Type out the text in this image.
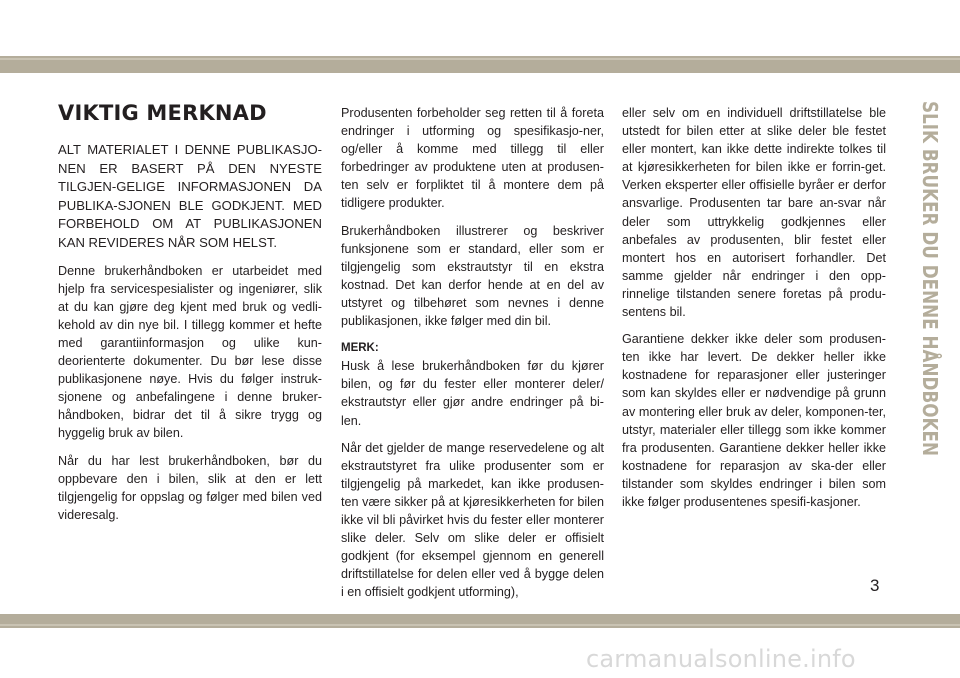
VIKTIG MERKNAD

ALT MATERIALET I DENNE PUBLIKASJO-NEN ER BASERT PÅ DEN NYESTE TILGJEN-GELIGE INFORMASJONEN DA PUBLIKA-SJONEN BLE GODKJENT. MED FORBEHOLD OM AT PUBLIKASJONEN KAN REVIDERES NÅR SOM HELST.

Denne brukerhåndboken er utarbeidet med hjelp fra servicespesialister og ingeniører, slik at du kan gjøre deg kjent med bruk og vedli-kehold av din nye bil. I tillegg kommer et hefte med garantiinformasjon og ulike kun-deorienterte dokumenter. Du bør lese disse publikasjonene nøye. Hvis du følger instruk-sjonene og anbefalingene i denne bruker-håndboken, bidrar det til å sikre trygg og hyggelig bruk av bilen.

Når du har lest brukerhåndboken, bør du oppbevare den i bilen, slik at den er lett tilgjengelig for oppslag og følger med bilen ved videresalg.

Produsenten forbeholder seg retten til å foreta endringer i utforming og spesifikasjo-ner, og/eller å komme med tillegg til eller forbedringer av produktene uten at produsen-ten selv er forpliktet til å montere dem på tidligere produkter.

Brukerhåndboken illustrerer og beskriver funksjonene som er standard, eller som er tilgjengelig som ekstrautstyr til en ekstra kostnad. Det kan derfor hende at en del av utstyret og tilbehøret som nevnes i denne publikasjonen, ikke følger med din bil.

MERK:
Husk å lese brukerhåndboken før du kjører bilen, og før du fester eller monterer deler/ ekstrautstyr eller gjør andre endringer på bi-len.

Når det gjelder de mange reservedelene og alt ekstrautstyret fra ulike produsenter som er tilgjengelig på markedet, kan ikke produsen-ten være sikker på at kjøresikkerheten for bilen ikke vil bli påvirket hvis du fester eller monterer slike deler. Selv om slike deler er offisielt godkjent (for eksempel gjennom en generell driftstillatelse for delen eller ved å bygge delen i en offisielt godkjent utforming),

eller selv om en individuell driftstillatelse ble utstedt for bilen etter at slike deler ble festet eller montert, kan ikke dette indirekte tolkes til at kjøresikkerheten for bilen ikke er forrin-get. Verken eksperter eller offisielle byråer er derfor ansvarlige. Produsenten tar bare an-svar når deler som uttrykkelig godkjennes eller anbefales av produsenten, blir festet eller montert hos en autorisert forhandler. Det samme gjelder når endringer i den opp-rinnelige tilstanden senere foretas på produ-sentens bil.

Garantiene dekker ikke deler som produsen-ten ikke har levert. De dekker heller ikke kostnadene for reparasjoner eller justeringer som kan skyldes eller er nødvendige på grunn av montering eller bruk av deler, komponen-ter, utstyr, materialer eller tillegg som ikke kommer fra produsenten. Garantiene dekker heller ikke kostnadene for reparasjon av ska-der eller tilstander som skyldes endringer i bilen som ikke følger produsentenes spesifi-kasjoner.	SLIK BRUKER DU DENNE HÅNDBOKEN
3
carmanualsonline.info
